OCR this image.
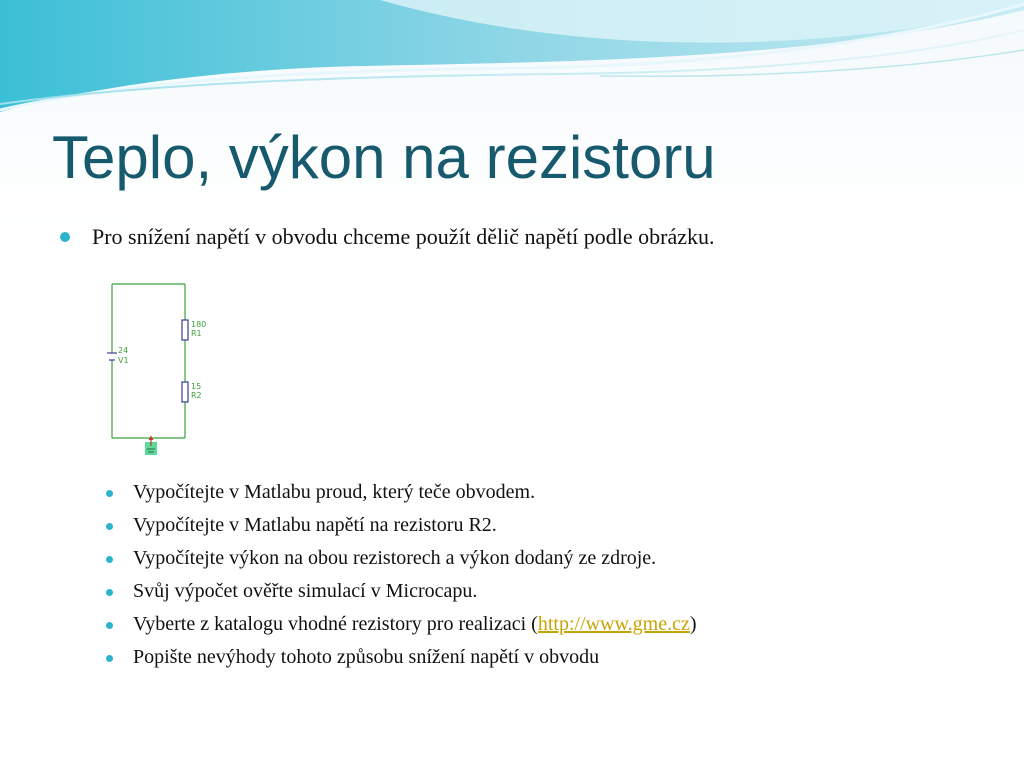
Teplo, výkon na rezistoru
Pro snížení napětí v obvodu chceme použít dělič napětí podle obrázku.
24
V1
180
R1
15
R2
Vypočítejte v Matlabu proud, který teče obvodem.
Vypočítejte v Matlabu napětí na rezistoru R2.
Vypočítejte výkon na obou rezistorech a výkon dodaný ze zdroje.
Svůj výpočet ověřte simulací v Microcapu.
Vyberte z katalogu vhodné rezistory pro realizaci (http://www.gme.cz)
Popište nevýhody tohoto způsobu snížení napětí v obvodu
